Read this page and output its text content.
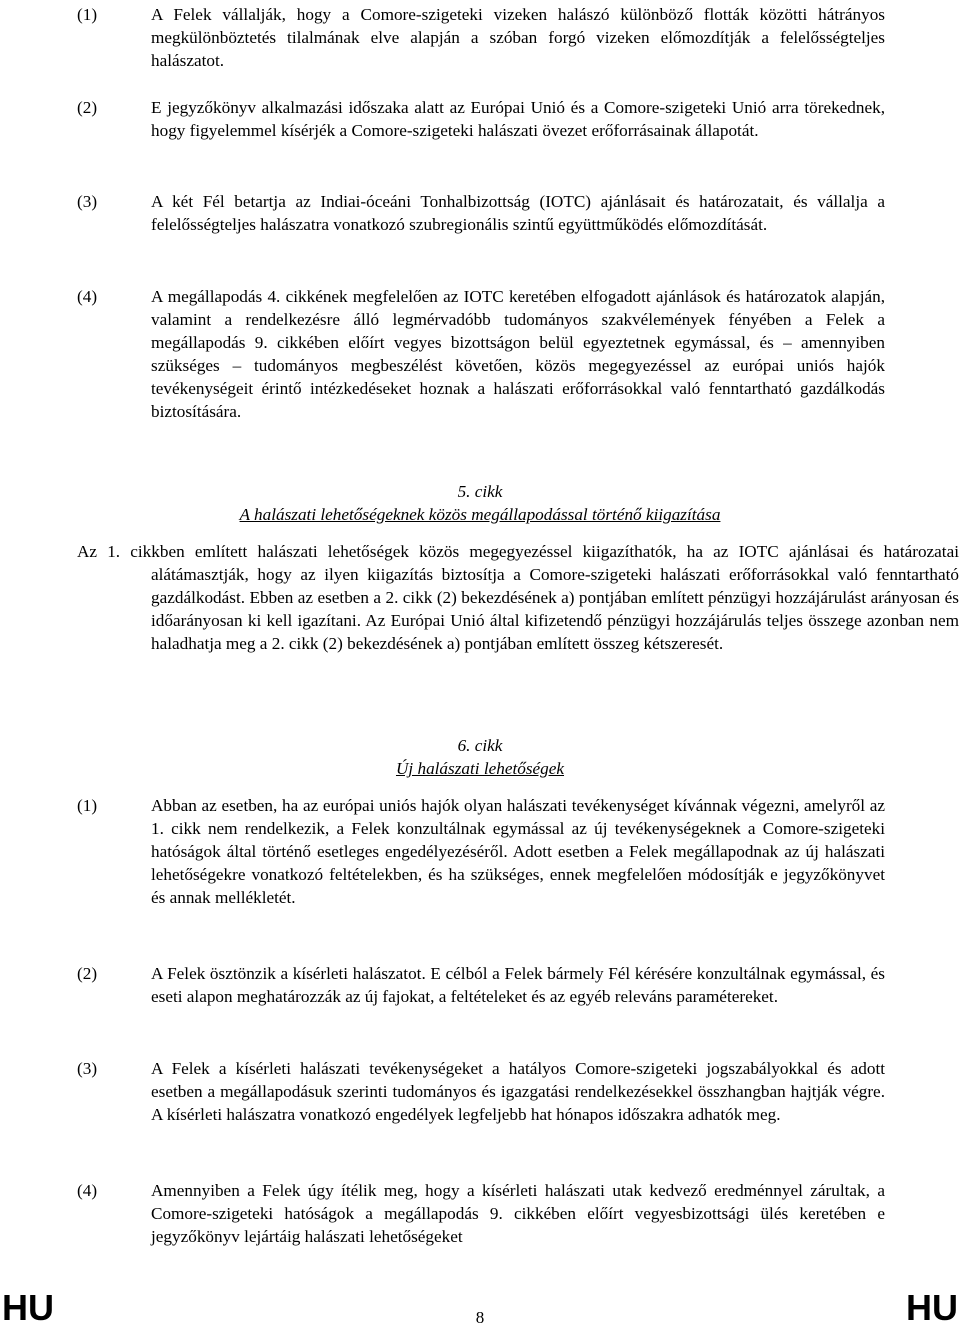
(1)	A Felek vállalják, hogy a Comore-szigeteki vizeken halászó különböző flották közötti hátrányos megkülönböztetés tilalmának elve alapján a szóban forgó vizeken előmozdítják a felelősségteljes halászatot.
(2)	E jegyzőkönyv alkalmazási időszaka alatt az Európai Unió és a Comore-szigeteki Unió arra törekednek, hogy figyelemmel kísérjék a Comore-szigeteki halászati övezet erőforrásainak állapotát.
(3)	A két Fél betartja az Indiai-óceáni Tonhalbizottság (IOTC) ajánlásait és határozatait, és vállalja a felelősségteljes halászatra vonatkozó szubregionális szintű együttműködés előmozdítását.
(4)	A megállapodás 4. cikkének megfelelően az IOTC keretében elfogadott ajánlások és határozatok alapján, valamint a rendelkezésre álló legmérvadóbb tudományos szakvélemények fényében a Felek a megállapodás 9. cikkében előírt vegyes bizottságon belül egyeztetnek egymással, és – amennyiben szükséges – tudományos megbeszélést követően, közös megegyezéssel az európai uniós hajók tevékenységeit érintő intézkedéseket hoznak a halászati erőforrásokkal való fenntartható gazdálkodás biztosítására.
5. cikk
A halászati lehetőségeknek közös megállapodással történő kiigazítása
Az 1. cikkben említett halászati lehetőségek közös megegyezéssel kiigazíthatók, ha az IOTC ajánlásai és határozatai alátámasztják, hogy az ilyen kiigazítás biztosítja a Comore-szigeteki halászati erőforrásokkal való fenntartható gazdálkodást. Ebben az esetben a 2. cikk (2) bekezdésének a) pontjában említett pénzügyi hozzájárulást arányosan és időarányosan ki kell igazítani. Az Európai Unió által kifizetendő pénzügyi hozzájárulás teljes összege azonban nem haladhatja meg a 2. cikk (2) bekezdésének a) pontjában említett összeg kétszeresét.
6. cikk
Új halászati lehetőségek
(1)	Abban az esetben, ha az európai uniós hajók olyan halászati tevékenységet kívánnak végezni, amelyről az 1. cikk nem rendelkezik, a Felek konzultálnak egymással az új tevékenységeknek a Comore-szigeteki hatóságok által történő esetleges engedélyezéséről. Adott esetben a Felek megállapodnak az új halászati lehetőségekre vonatkozó feltételekben, és ha szükséges, ennek megfelelően módosítják e jegyzőkönyvet és annak mellékletét.
(2)	A Felek ösztönzik a kísérleti halászatot. E célból a Felek bármely Fél kérésére konzultálnak egymással, és eseti alapon meghatározzák az új fajokat, a feltételeket és az egyéb releváns paramétereket.
(3)	A Felek a kísérleti halászati tevékenységeket a hatályos Comore-szigeteki jogszabályokkal és adott esetben a megállapodásuk szerinti tudományos és igazgatási rendelkezésekkel összhangban hajtják végre. A kísérleti halászatra vonatkozó engedélyek legfeljebb hat hónapos időszakra adhatók meg.
(4)	Amennyiben a Felek úgy ítélik meg, hogy a kísérleti halászati utak kedvező eredménnyel zárultak, a Comore-szigeteki hatóságok a megállapodás 9. cikkében előírt vegyesbizottsági ülés keretében e jegyzőkönyv lejártáig halászati lehetőségeket
HU	8	HU
